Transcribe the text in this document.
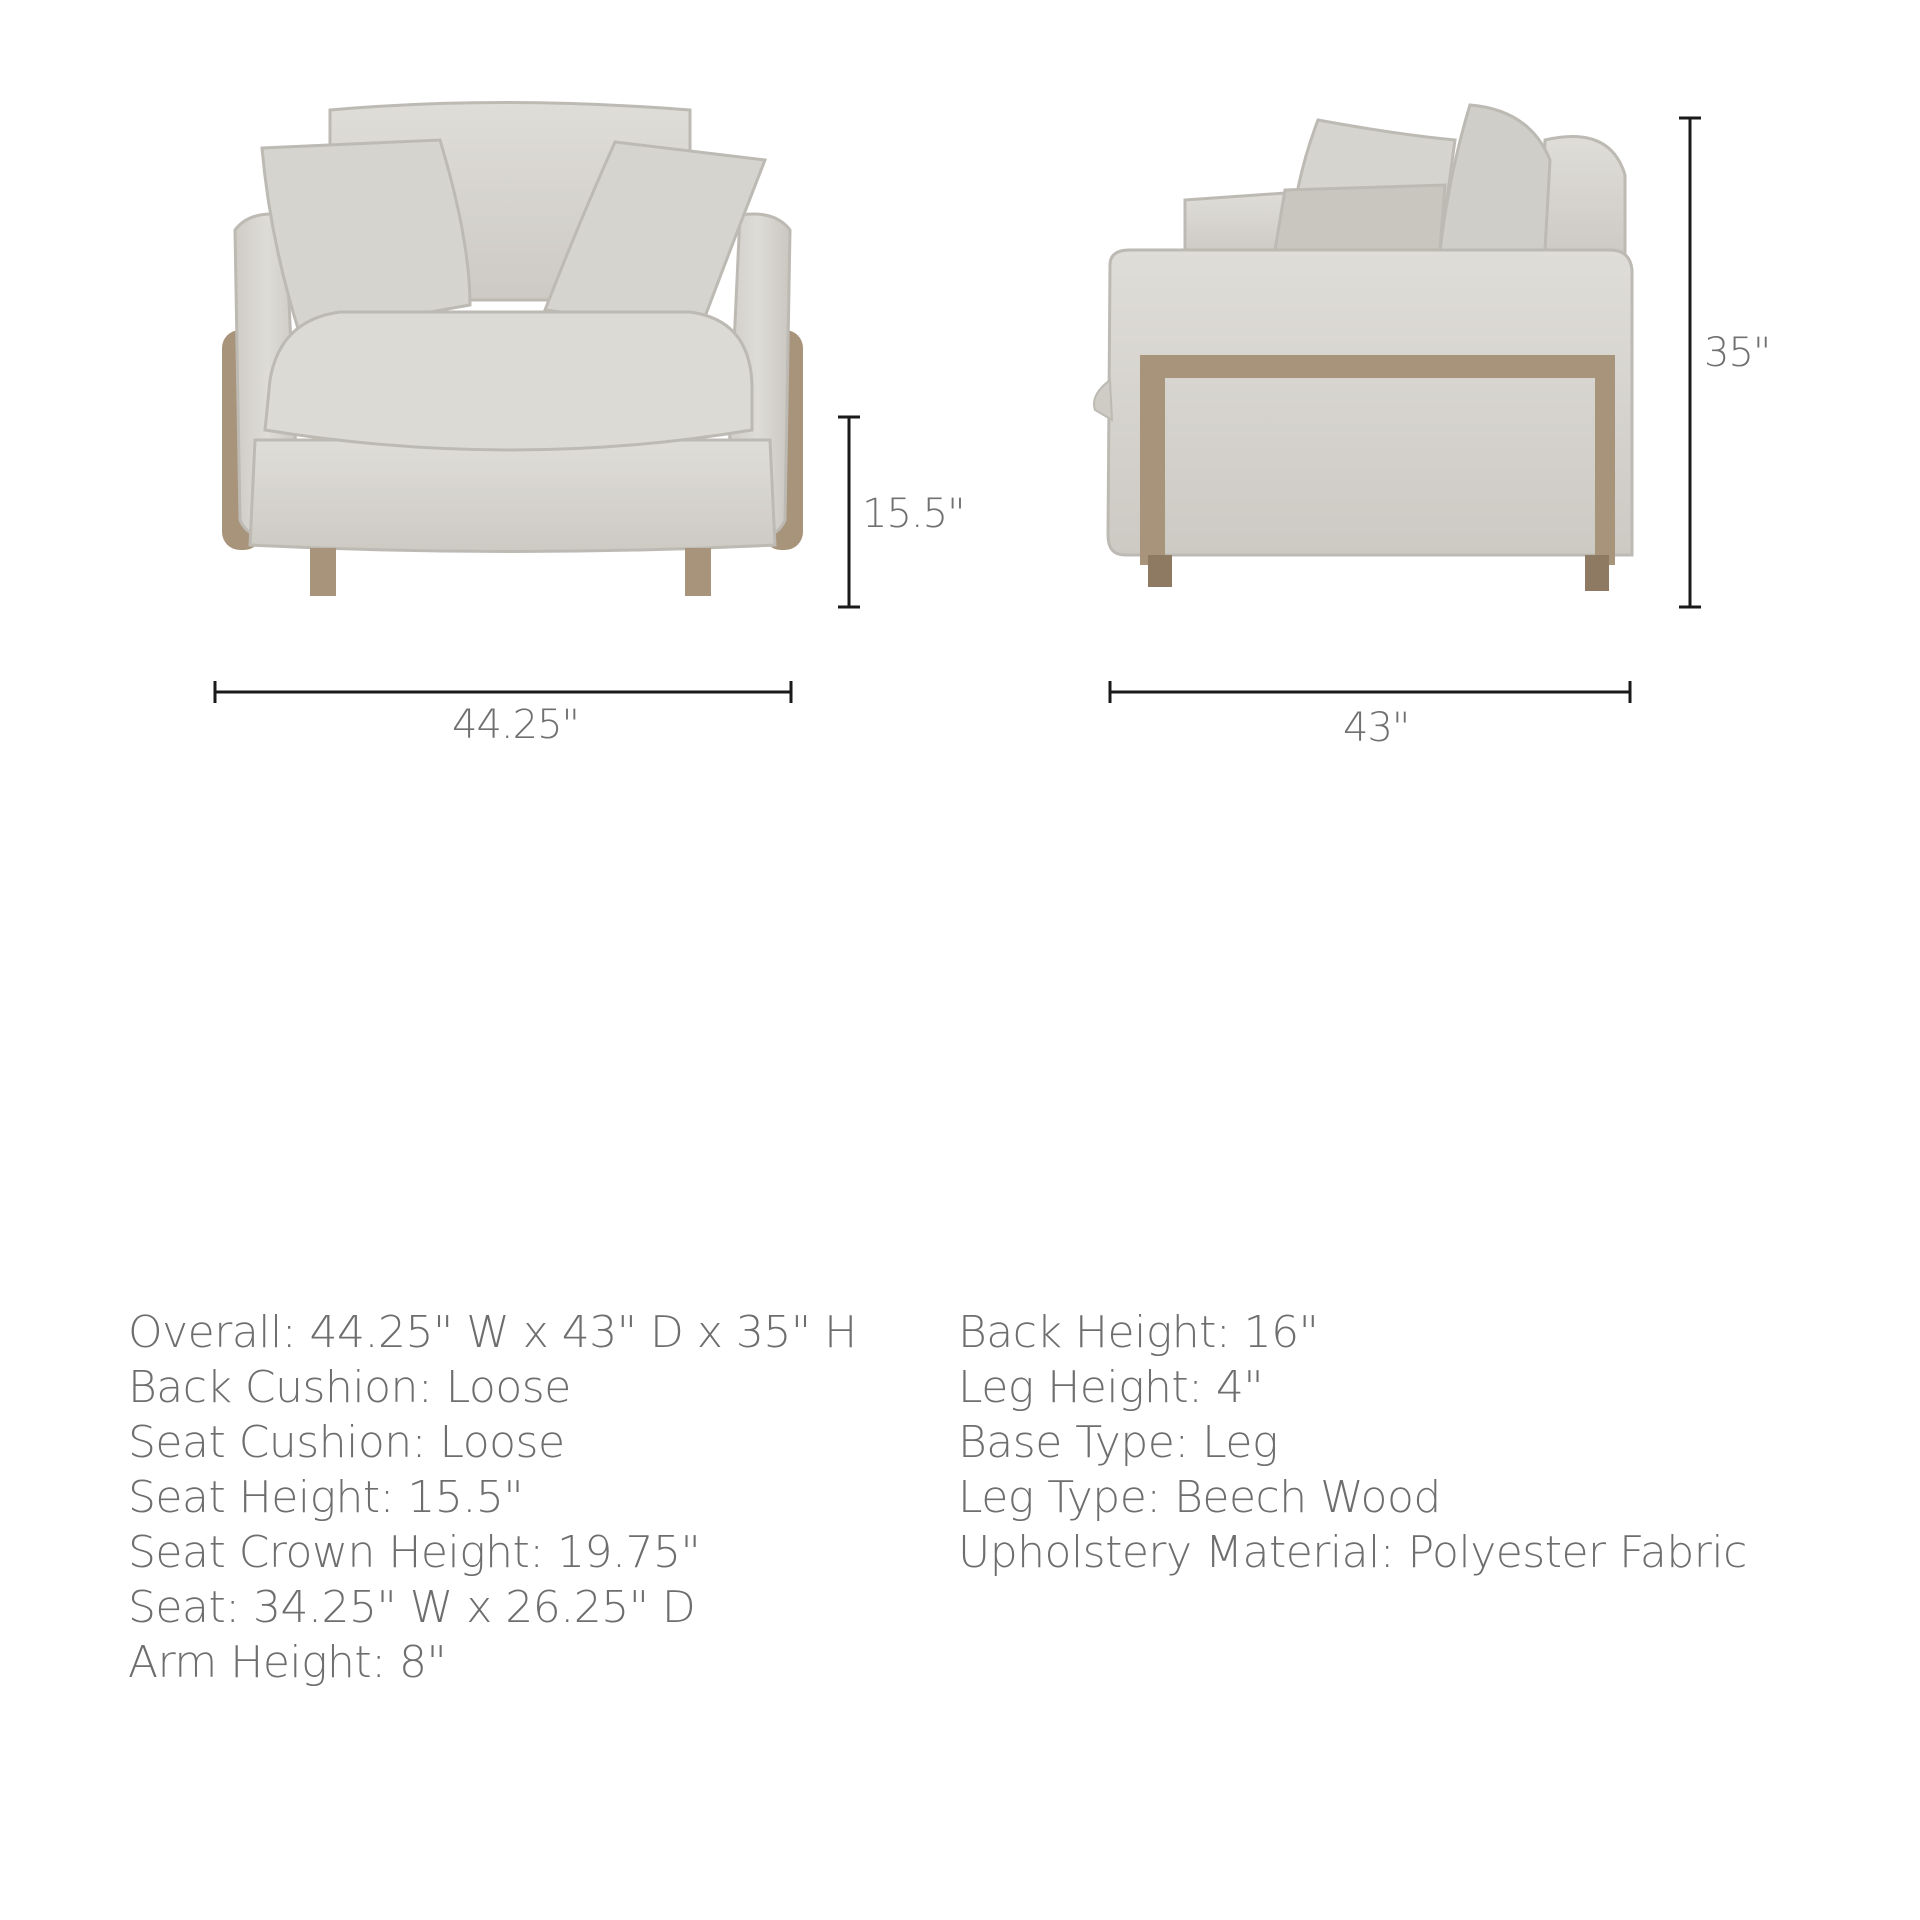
44.25"
15.5"
43"
35"
Overall: 44.25" W x 43" D x 35" H
Back Cushion: Loose
Seat Cushion: Loose
Seat Height: 15.5"
Seat Crown Height: 19.75"
Seat: 34.25" W x 26.25" D
Arm Height: 8"
Back Height: 16"
Leg Height: 4"
Base Type: Leg
Leg Type: Beech Wood
Upholstery Material: Polyester Fabric
